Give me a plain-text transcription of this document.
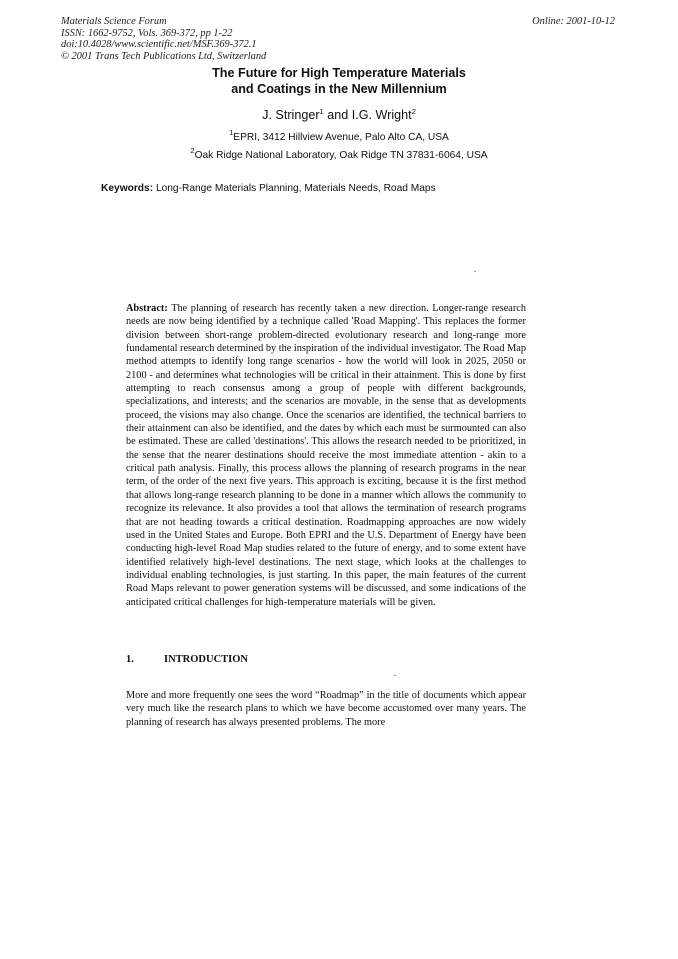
Materials Science Forum
ISSN: 1662-9752, Vols. 369-372, pp 1-22
doi:10.4028/www.scientific.net/MSF.369-372.1
© 2001 Trans Tech Publications Ltd, Switzerland
Online: 2001-10-12
The Future for High Temperature Materials
and Coatings in the New Millennium
J. Stringer$^1$ and I.G. Wright$^2$
$^1$EPRI, 3412 Hillview Avenue, Palo Alto CA, USA
$^2$Oak Ridge National Laboratory, Oak Ridge TN 37831-6064, USA
Keywords: Long-Range Materials Planning, Materials Needs, Road Maps

Abstract: The planning of research has recently taken a new direction. Longer-range research needs are now being identified by a technique called 'Road Mapping'. This replaces the former division between short-range problem-directed evolutionary research and long-range more fundamental research determined by the inspiration of the individual investigator. The Road Map method attempts to identify long range scenarios - how the world will look in 2025, 2050 or 2100 - and determines what technologies will be critical in their attainment. This is done by first attempting to reach consensus among a group of people with different backgrounds, specializations, and interests; and the scenarios are movable, in the sense that as developments proceed, the visions may also change. Once the scenarios are identified, the technical barriers to their attainment can also be identified, and the dates by which each must be surmounted can also be estimated. These are called 'destinations'. This allows the research needed to be prioritized, in the sense that the nearer destinations should receive the most immediate attention - akin to a critical path analysis. Finally, this process allows the planning of research programs in the near term, of the order of the next five years. This approach is exciting, because it is the first method that allows long-range research planning to be done in a manner which allows the community to recognize its relevance. It also provides a tool that allows the termination of research programs that are not heading towards a critical destination. Roadmapping approaches are now widely used in the United States and Europe. Both EPRI and the U.S. Department of Energy have been conducting high-level Road Map studies related to the future of energy, and to some extent have identified relatively high-level destinations. The next stage, which looks at the challenges to individual enabling technologies, is just starting. In this paper, the main features of the current Road Maps relevant to power generation systems will be discussed, and some indications of the anticipated critical challenges for high-temperature materials will be given.

1.	INTRODUCTION

More and more frequently one sees the word “Roadmap” in the title of documents which appear very much like the research plans to which we have become accustomed over many years. The planning of research has always presented problems. The more
